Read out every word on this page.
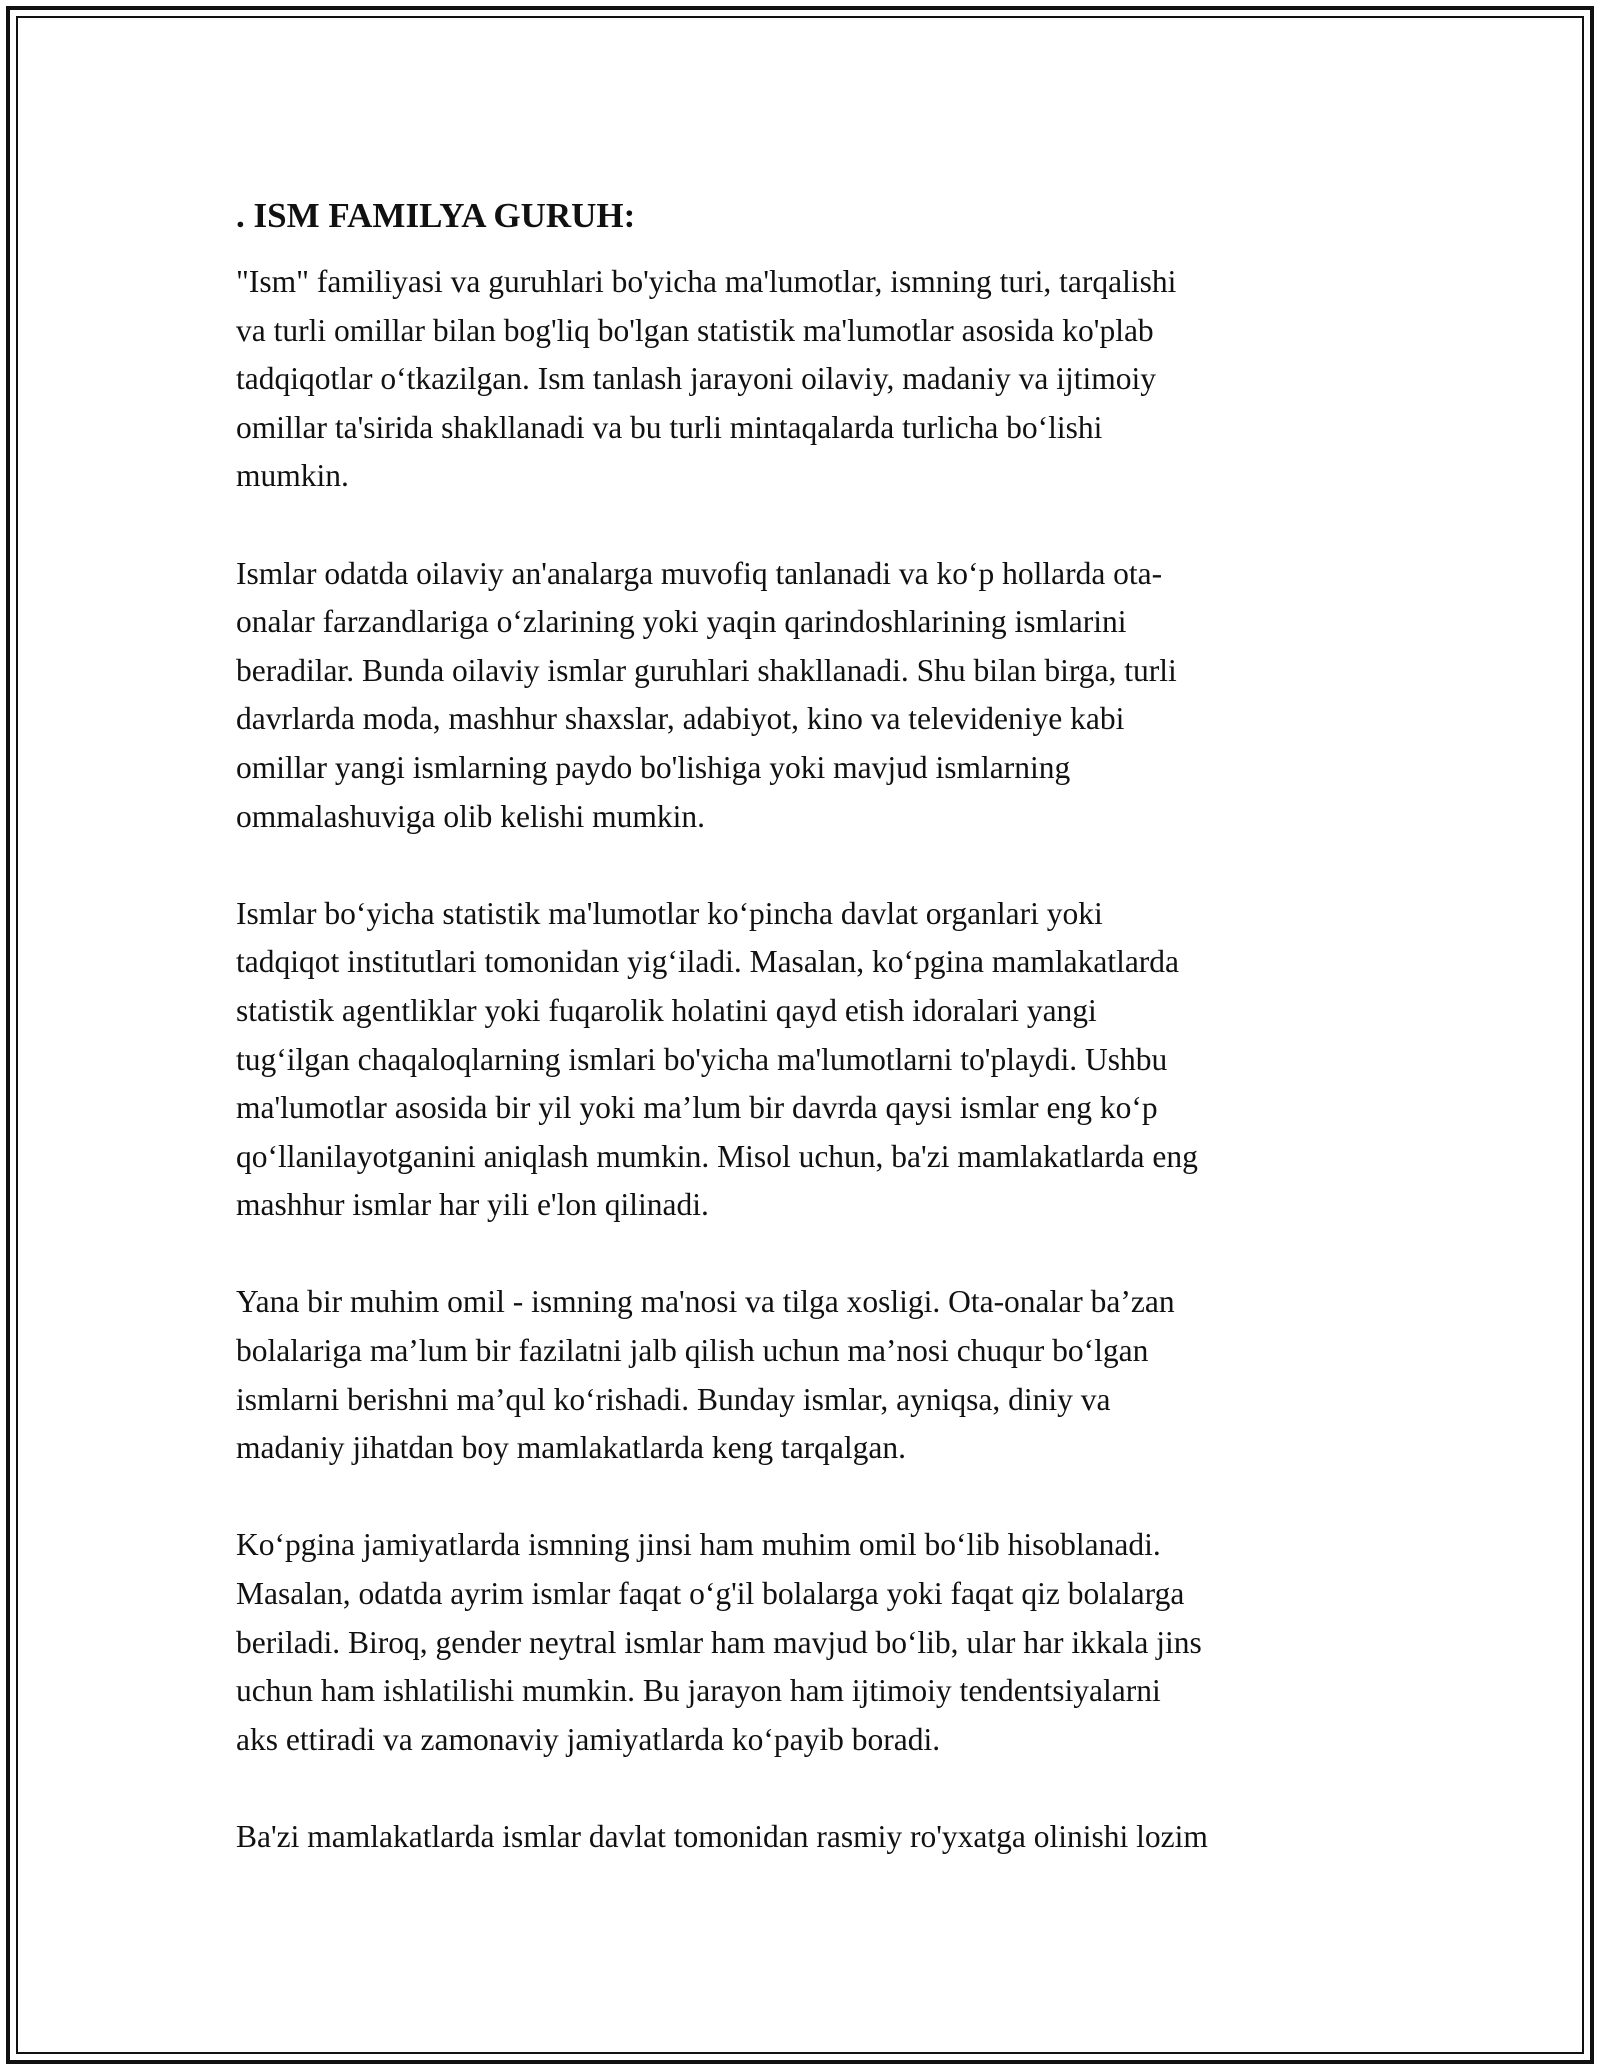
. ISM FAMILYA GURUH:
"Ism" familiyasi va guruhlari bo'yicha ma'lumotlar, ismning turi, tarqalishi
va turli omillar bilan bog'liq bo'lgan statistik ma'lumotlar asosida ko'plab
tadqiqotlar o‘tkazilgan. Ism tanlash jarayoni oilaviy, madaniy va ijtimoiy
omillar ta'sirida shakllanadi va bu turli mintaqalarda turlicha bo‘lishi
mumkin.
Ismlar odatda oilaviy an'analarga muvofiq tanlanadi va ko‘p hollarda ota-
onalar farzandlariga o‘zlarining yoki yaqin qarindoshlarining ismlarini
beradilar. Bunda oilaviy ismlar guruhlari shakllanadi. Shu bilan birga, turli
davrlarda moda, mashhur shaxslar, adabiyot, kino va televideniye kabi
omillar yangi ismlarning paydo bo'lishiga yoki mavjud ismlarning
ommalashuviga olib kelishi mumkin.
Ismlar bo‘yicha statistik ma'lumotlar ko‘pincha davlat organlari yoki
tadqiqot institutlari tomonidan yig‘iladi. Masalan, ko‘pgina mamlakatlarda
statistik agentliklar yoki fuqarolik holatini qayd etish idoralari yangi
tug‘ilgan chaqaloqlarning ismlari bo'yicha ma'lumotlarni to'playdi. Ushbu
ma'lumotlar asosida bir yil yoki ma’lum bir davrda qaysi ismlar eng ko‘p
qo‘llanilayotganini aniqlash mumkin. Misol uchun, ba'zi mamlakatlarda eng
mashhur ismlar har yili e'lon qilinadi.
Yana bir muhim omil - ismning ma'nosi va tilga xosligi. Ota-onalar ba’zan
bolalariga ma’lum bir fazilatni jalb qilish uchun ma’nosi chuqur bo‘lgan
ismlarni berishni ma’qul ko‘rishadi. Bunday ismlar, ayniqsa, diniy va
madaniy jihatdan boy mamlakatlarda keng tarqalgan.
Ko‘pgina jamiyatlarda ismning jinsi ham muhim omil bo‘lib hisoblanadi.
Masalan, odatda ayrim ismlar faqat o‘g'il bolalarga yoki faqat qiz bolalarga
beriladi. Biroq, gender neytral ismlar ham mavjud bo‘lib, ular har ikkala jins
uchun ham ishlatilishi mumkin. Bu jarayon ham ijtimoiy tendentsiyalarni
aks ettiradi va zamonaviy jamiyatlarda ko‘payib boradi.
Ba'zi mamlakatlarda ismlar davlat tomonidan rasmiy ro'yxatga olinishi lozim
